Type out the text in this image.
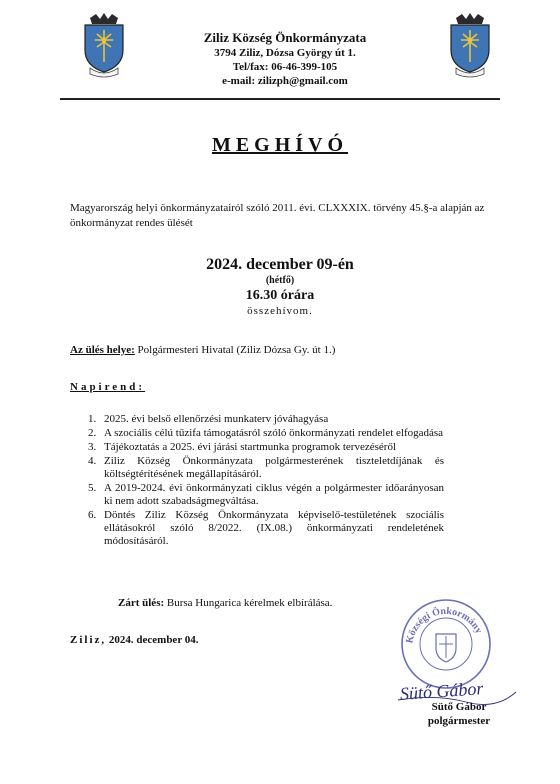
Ziliz Község Önkormányzata
3794 Ziliz, Dózsa György út 1.
Tel/fax: 06-46-399-105
e-mail: zilizph@gmail.com
MEGHÍVÓ
Magyarország helyi önkormányzatairól szóló 2011. évi. CLXXXIX. törvény 45.§-a alapján az önkormányzat rendes ülését
2024. december 09-én
(hétfő)
16.30 órára
összehívom.
Az ülés helye: Polgármesteri Hivatal (Ziliz Dózsa Gy. út 1.)
Napirend:
1. 2025. évi belső ellenőrzési munkaterv jóváhagyása
2. A szociális célú tűzifa támogatásról szóló önkormányzati rendelet elfogadása
3. Tájékoztatás a 2025. évi járási startmunka programok tervezéséről
4. Ziliz Község Önkormányzata polgármesterének tiszteletdíjának és költségtérítésének megállapításáról.
5. A 2019-2024. évi önkormányzati ciklus végén a polgármester időarányosan ki nem adott szabadságmegváltása.
6. Döntés Ziliz Község Önkormányzata képviselő-testületének szociális ellátásokról szóló 8/2022. (IX.08.) önkormányzati rendeletének módosításáról.
Zárt ülés: Bursa Hungarica kérelmek elbírálása.
Ziliz, 2024. december 04.	Községi Önkormány
Sütő Gábor
Sütő Gábor
polgármester
